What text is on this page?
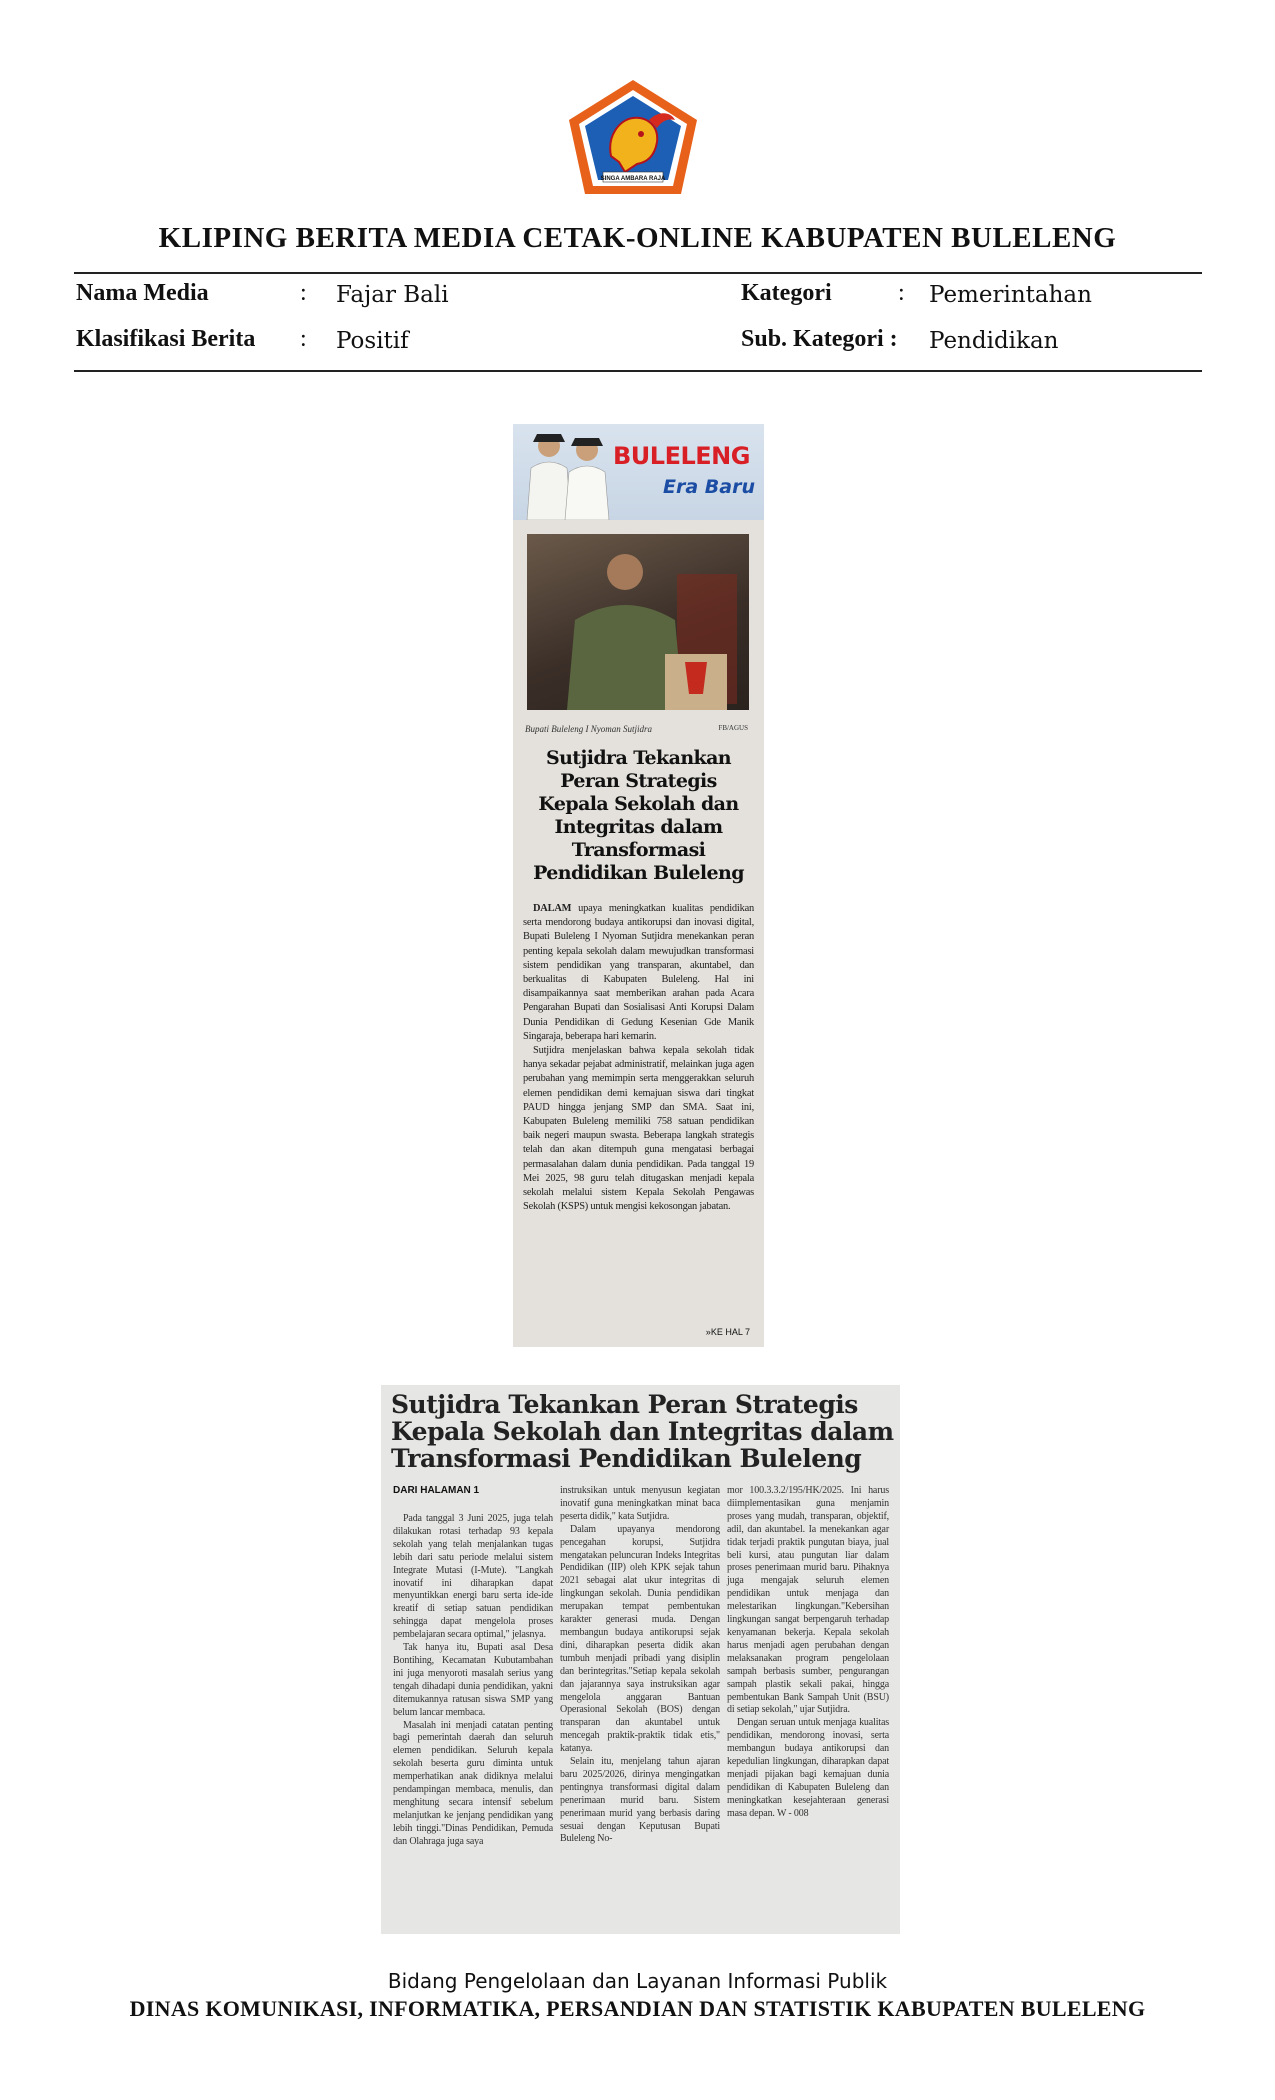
SINGA AMBARA RAJA
KLIPING BERITA MEDIA CETAK-ONLINE KABUPATEN BULELENG
Nama Media	: Fajar Bali
Klasifikasi Berita : Positif
Kategori	: Pemerintahan
Sub. Kategori : Pendidikan
BULELENG
Era Baru
Bupati Buleleng I Nyoman Sutjidra	FB/AGUS
Sutjidra Tekankan Peran Strategis Kepala Sekolah dan Integritas dalam Transformasi Pendidikan Buleleng

DALAM upaya meningkatkan kualitas pendidikan serta mendorong budaya antikorupsi dan inovasi digital, Bupati Buleleng I Nyoman Sutjidra menekankan peran penting kepala sekolah dalam mewujudkan transformasi sistem pendidikan yang transparan, akuntabel, dan berkualitas di Kabupaten Buleleng. Hal ini disampaikannya saat memberikan arahan pada Acara Pengarahan Bupati dan Sosialisasi Anti Korupsi Dalam Dunia Pendidikan di Gedung Kesenian Gde Manik Singaraja, beberapa hari kemarin.

Sutjidra menjelaskan bahwa kepala sekolah tidak hanya sekadar pejabat administratif, melainkan juga agen perubahan yang memimpin serta menggerakkan seluruh elemen pendidikan demi kemajuan siswa dari tingkat PAUD hingga jenjang SMP dan SMA. Saat ini, Kabupaten Buleleng memiliki 758 satuan pendidikan baik negeri maupun swasta. Beberapa langkah strategis telah dan akan ditempuh guna mengatasi berbagai permasalahan dalam dunia pendidikan. Pada tanggal 19 Mei 2025, 98 guru telah ditugaskan menjadi kepala sekolah melalui sistem Kepala Sekolah Pengawas Sekolah (KSPS) untuk mengisi kekosongan jabatan.

»KE HAL 7
Sutjidra Tekankan Peran Strategis
Kepala Sekolah dan Integritas dalam
Transformasi Pendidikan Buleleng
DARI HALAMAN 1

Pada tanggal 3 Juni 2025, juga telah dilakukan rotasi terhadap 93 kepala sekolah yang telah menjalankan tugas lebih dari satu periode melalui sistem Integrate Mutasi (I-Mute). "Langkah inovatif ini diharapkan dapat menyuntikkan energi baru serta ide-ide kreatif di setiap satuan pendidikan sehingga dapat mengelola proses pembelajaran secara optimal," jelasnya.

Tak hanya itu, Bupati asal Desa Bontihing, Kecamatan Kubutambahan ini juga menyoroti masalah serius yang tengah dihadapi dunia pendidikan, yakni ditemukannya ratusan siswa SMP yang belum lancar membaca.

Masalah ini menjadi catatan penting bagi pemerintah daerah dan seluruh elemen pendidikan. Seluruh kepala sekolah beserta guru diminta untuk memperhatikan anak didiknya melalui pendampingan membaca, menulis, dan menghitung secara intensif sebelum melanjutkan ke jenjang pendidikan yang lebih tinggi."Dinas Pendidikan, Pemuda dan Olahraga juga saya

instruksikan untuk menyusun kegiatan inovatif guna meningkatkan minat baca peserta didik," kata Sutjidra.

Dalam upayanya mendorong pencegahan korupsi, Sutjidra mengatakan peluncuran Indeks Integritas Pendidikan (IIP) oleh KPK sejak tahun 2021 sebagai alat ukur integritas di lingkungan sekolah. Dunia pendidikan merupakan tempat pembentukan karakter generasi muda. Dengan membangun budaya antikorupsi sejak dini, diharapkan peserta didik akan tumbuh menjadi pribadi yang disiplin dan berintegritas."Setiap kepala sekolah dan jajarannya saya instruksikan agar mengelola anggaran Bantuan Operasional Sekolah (BOS) dengan transparan dan akuntabel untuk mencegah praktik-praktik tidak etis," katanya.

Selain itu, menjelang tahun ajaran baru 2025/2026, dirinya mengingatkan pentingnya transformasi digital dalam penerimaan murid baru. Sistem penerimaan murid yang berbasis daring sesuai dengan Keputusan Bupati Buleleng No-

mor 100.3.3.2/195/HK/2025. Ini harus diimplementasikan guna menjamin proses yang mudah, transparan, objektif, adil, dan akuntabel. Ia menekankan agar tidak terjadi praktik pungutan biaya, jual beli kursi, atau pungutan liar dalam proses penerimaan murid baru. Pihaknya juga mengajak seluruh elemen pendidikan untuk menjaga dan melestarikan lingkungan."Kebersihan lingkungan sangat berpengaruh terhadap kenyamanan bekerja. Kepala sekolah harus menjadi agen perubahan dengan melaksanakan program pengelolaan sampah berbasis sumber, pengurangan sampah plastik sekali pakai, hingga pembentukan Bank Sampah Unit (BSU) di setiap sekolah," ujar Sutjidra.

Dengan seruan untuk menjaga kualitas pendidikan, mendorong inovasi, serta membangun budaya antikorupsi dan kepedulian lingkungan, diharapkan dapat menjadi pijakan bagi kemajuan dunia pendidikan di Kabupaten Buleleng dan meningkatkan kesejahteraan generasi masa depan. W - 008

Bidang Pengelolaan dan Layanan Informasi Publik
DINAS KOMUNIKASI, INFORMATIKA, PERSANDIAN DAN STATISTIK KABUPATEN BULELENG
